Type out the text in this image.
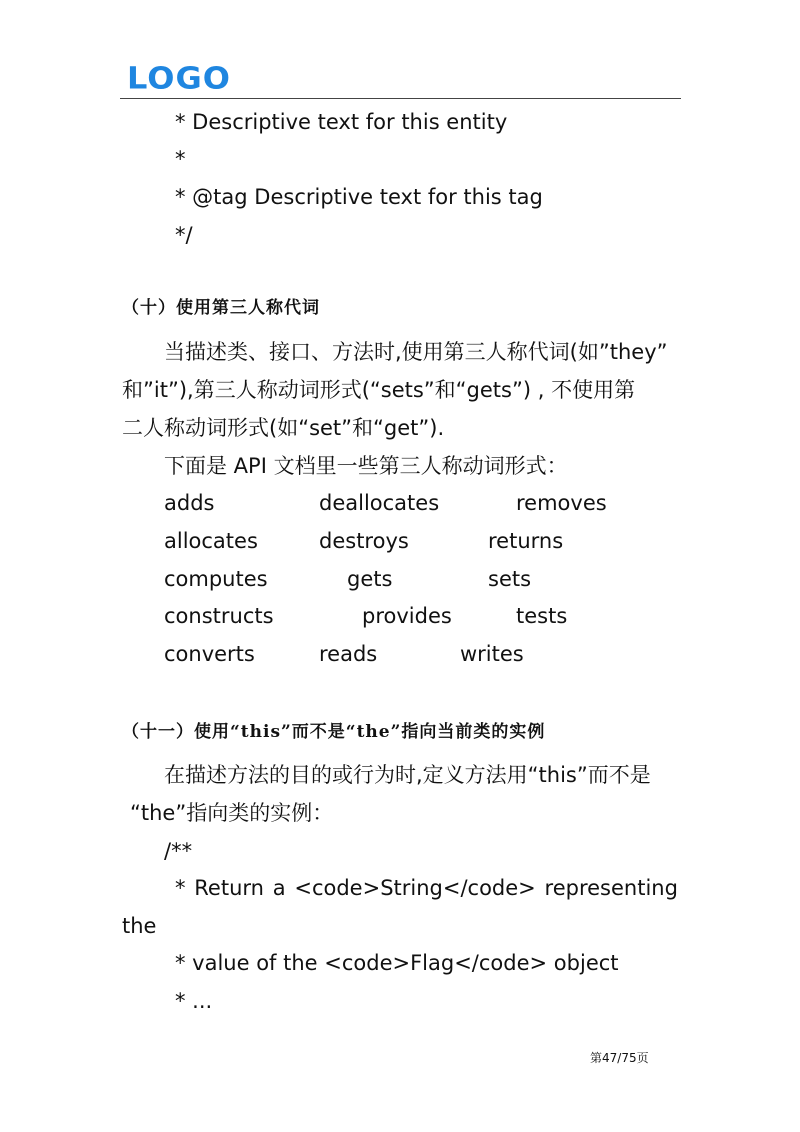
LOGO
* Descriptive text for this entity
*
* @tag Descriptive text for this tag
*/
（十）使用第三人称代词
当描述类、接口、方法时,使用第三人称代词(如”they”
和”it”),第三人称动词形式(“sets”和“gets”) , 不使用第
二人称动词形式(如“set”和“get”).
下面是 API 文档里一些第三人称动词形式：
adds	deallocates	removes
allocates	destroys	returns
computes	gets	sets
constructs	provides	tests
converts	reads	writes
（十一）使用“this”而不是“the”指向当前类的实例
在描述方法的目的或行为时,定义方法用“this”而不是
“the”指向类的实例：
/**
* Return a <code>String</code> representing
the
* value of the <code>Flag</code> object
* ...
第47/75页
